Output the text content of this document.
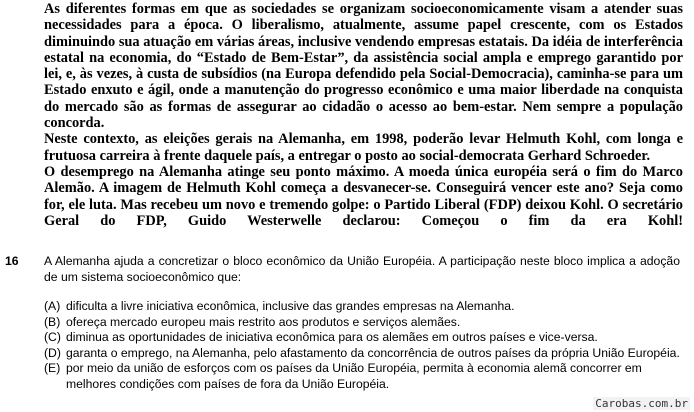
As diferentes formas em que as sociedades se organizam socioeconomicamente visam a atender suas necessidades para a época. O liberalismo, atualmente, assume papel crescente, com os Estados diminuindo sua atuação em várias áreas, inclusive vendendo empresas estatais. Da idéia de interferência estatal na economia, do “Estado de Bem-Estar”, da assistência social ampla e emprego garantido por lei, e, às vezes, à custa de subsídios (na Europa defendido pela Social-Democracia), caminha-se para um Estado enxuto e ágil, onde a manutenção do progresso econômico e uma maior liberdade na conquista do mercado são as formas de assegurar ao cidadão o acesso ao bem-estar. Nem sempre a população concorda.

Neste contexto, as eleições gerais na Alemanha, em 1998, poderão levar Helmuth Kohl, com longa e frutuosa carreira à frente daquele país, a entregar o posto ao social-democrata Gerhard Schroeder.

O desemprego na Alemanha atinge seu ponto máximo. A moeda única européia será o fim do Marco Alemão. A imagem de Helmuth Kohl começa a desvanecer-se. Conseguirá vencer este ano? Seja como for, ele luta. Mas recebeu um novo e tremendo golpe: o Partido Liberal (FDP) deixou Kohl. O secretário Geral do FDP, Guido Westerwelle declarou: Começou o fim da era Kohl!

16 A Alemanha ajuda a concretizar o bloco econômico da União Européia. A participação neste bloco implica a adoção de um sistema socioeconômico que:

(A) dificulta a livre iniciativa econômica, inclusive das grandes empresas na Alemanha.
(B) ofereça mercado europeu mais restrito aos produtos e serviços alemães.
(C) diminua as oportunidades de iniciativa econômica para os alemães em outros países e vice-versa.
(D) garanta o emprego, na Alemanha, pelo afastamento da concorrência de outros países da própria União Européia.
(E) por meio da união de esforços com os países da União Européia, permita à economia alemã concorrer em melhores condições com países de fora da União Européia.
Carobas.com.br
